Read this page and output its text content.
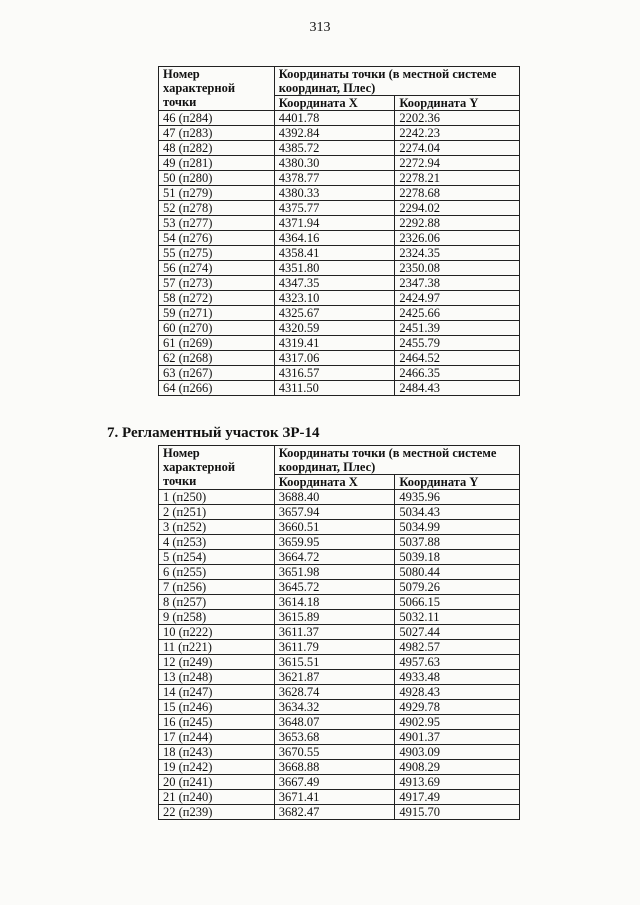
313
Номер характерной точки	Координаты точки (в местной системе координат, Плес)	
	Координата X	Координата Y
46 (п284)	4401.78	2202.36
47 (п283)	4392.84	2242.23
48 (п282)	4385.72	2274.04
49 (п281)	4380.30	2272.94
50 (п280)	4378.77	2278.21
51 (п279)	4380.33	2278.68
52 (п278)	4375.77	2294.02
53 (п277)	4371.94	2292.88
54 (п276)	4364.16	2326.06
55 (п275)	4358.41	2324.35
56 (п274)	4351.80	2350.08
57 (п273)	4347.35	2347.38
58 (п272)	4323.10	2424.97
59 (п271)	4325.67	2425.66
60 (п270)	4320.59	2451.39
61 (п269)	4319.41	2455.79
62 (п268)	4317.06	2464.52
63 (п267)	4316.57	2466.35
64 (п266)	4311.50	2484.43
7. Регламентный участок ЗР-14
Номер характерной точки	Координаты точки (в местной системе координат, Плес)	
	Координата X	Координата Y
1 (п250)	3688.40	4935.96
2 (п251)	3657.94	5034.43
3 (п252)	3660.51	5034.99
4 (п253)	3659.95	5037.88
5 (п254)	3664.72	5039.18
6 (п255)	3651.98	5080.44
7 (п256)	3645.72	5079.26
8 (п257)	3614.18	5066.15
9 (п258)	3615.89	5032.11
10 (п222)	3611.37	5027.44
11 (п221)	3611.79	4982.57
12 (п249)	3615.51	4957.63
13 (п248)	3621.87	4933.48
14 (п247)	3628.74	4928.43
15 (п246)	3634.32	4929.78
16 (п245)	3648.07	4902.95
17 (п244)	3653.68	4901.37
18 (п243)	3670.55	4903.09
19 (п242)	3668.88	4908.29
20 (п241)	3667.49	4913.69
21 (п240)	3671.41	4917.49
22 (п239)	3682.47	4915.70
